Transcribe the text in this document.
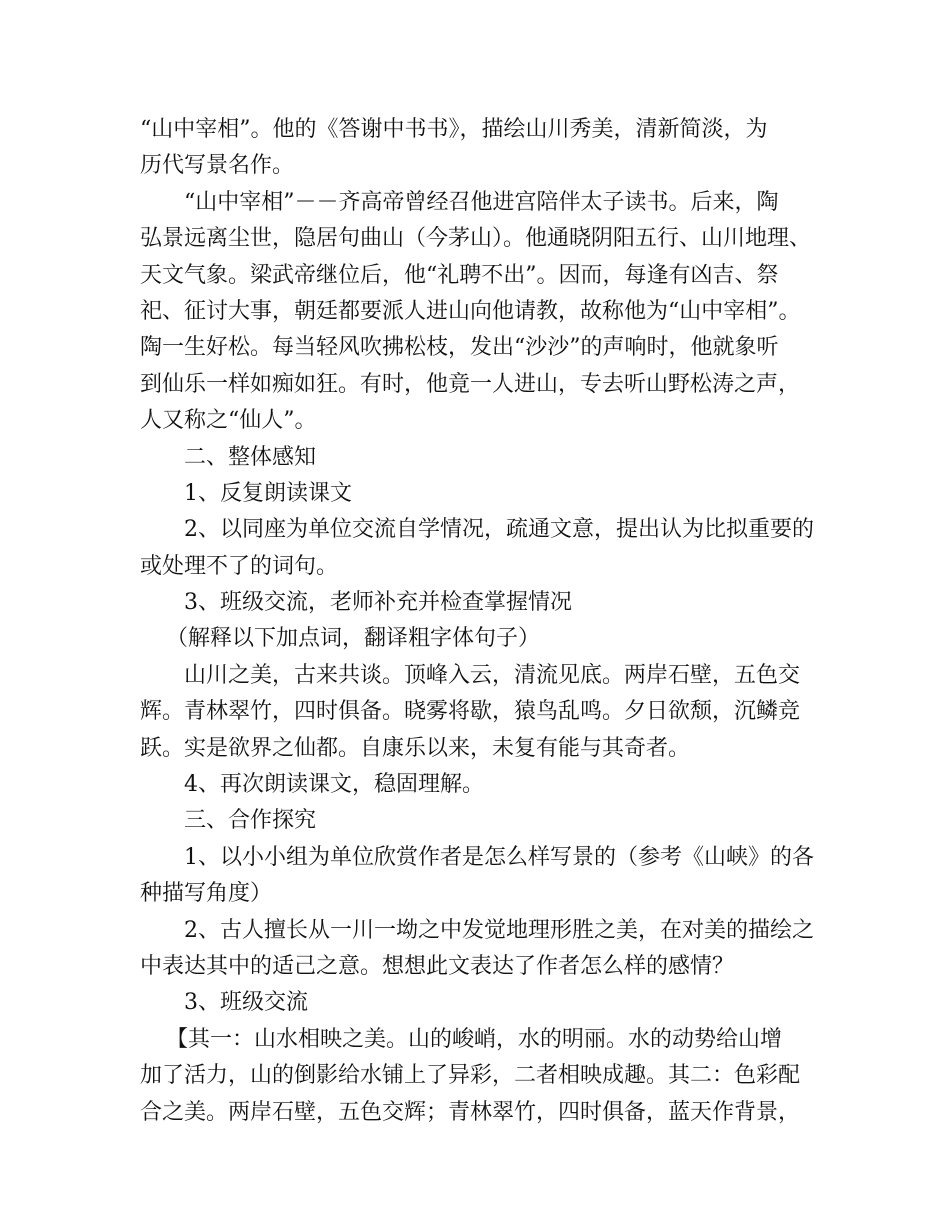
“山中宰相”。他的《答谢中书书》，描绘山川秀美，清新简淡，为
历代写景名作。
“山中宰相”－－齐高帝曾经召他进宫陪伴太子读书。后来，陶
弘景远离尘世，隐居句曲山（今茅山）。他通晓阴阳五行、山川地理、
天文气象。梁武帝继位后，他“礼聘不出”。因而，每逢有凶吉、祭
祀、征讨大事，朝廷都要派人进山向他请教，故称他为“山中宰相”。
陶一生好松。每当轻风吹拂松枝，发出“沙沙”的声响时，他就象听
到仙乐一样如痴如狂。有时，他竟一人进山，专去听山野松涛之声，
人又称之“仙人”。
二、整体感知
1、反复朗读课文
2、以同座为单位交流自学情况，疏通文意，提出认为比拟重要的
或处理不了的词句。
3、班级交流，老师补充并检查掌握情况
（解释以下加点词，翻译粗字体句子）
山川之美，古来共谈。顶峰入云，清流见底。两岸石壁，五色交
辉。青林翠竹，四时俱备。晓雾将歇，猿鸟乱鸣。夕日欲颓，沉鳞竞
跃。实是欲界之仙都。自康乐以来，未复有能与其奇者。
4、再次朗读课文，稳固理解。
三、合作探究
1、以小小组为单位欣赏作者是怎么样写景的（参考《山峡》的各
种描写角度）
2、古人擅长从一川一坳之中发觉地理形胜之美，在对美的描绘之
中表达其中的适己之意。想想此文表达了作者怎么样的感情？
3、班级交流
【其一：山水相映之美。山的峻峭，水的明丽。水的动势给山增
加了活力，山的倒影给水铺上了异彩，二者相映成趣。其二：色彩配
合之美。两岸石壁，五色交辉；青林翠竹，四时俱备，蓝天作背景，
